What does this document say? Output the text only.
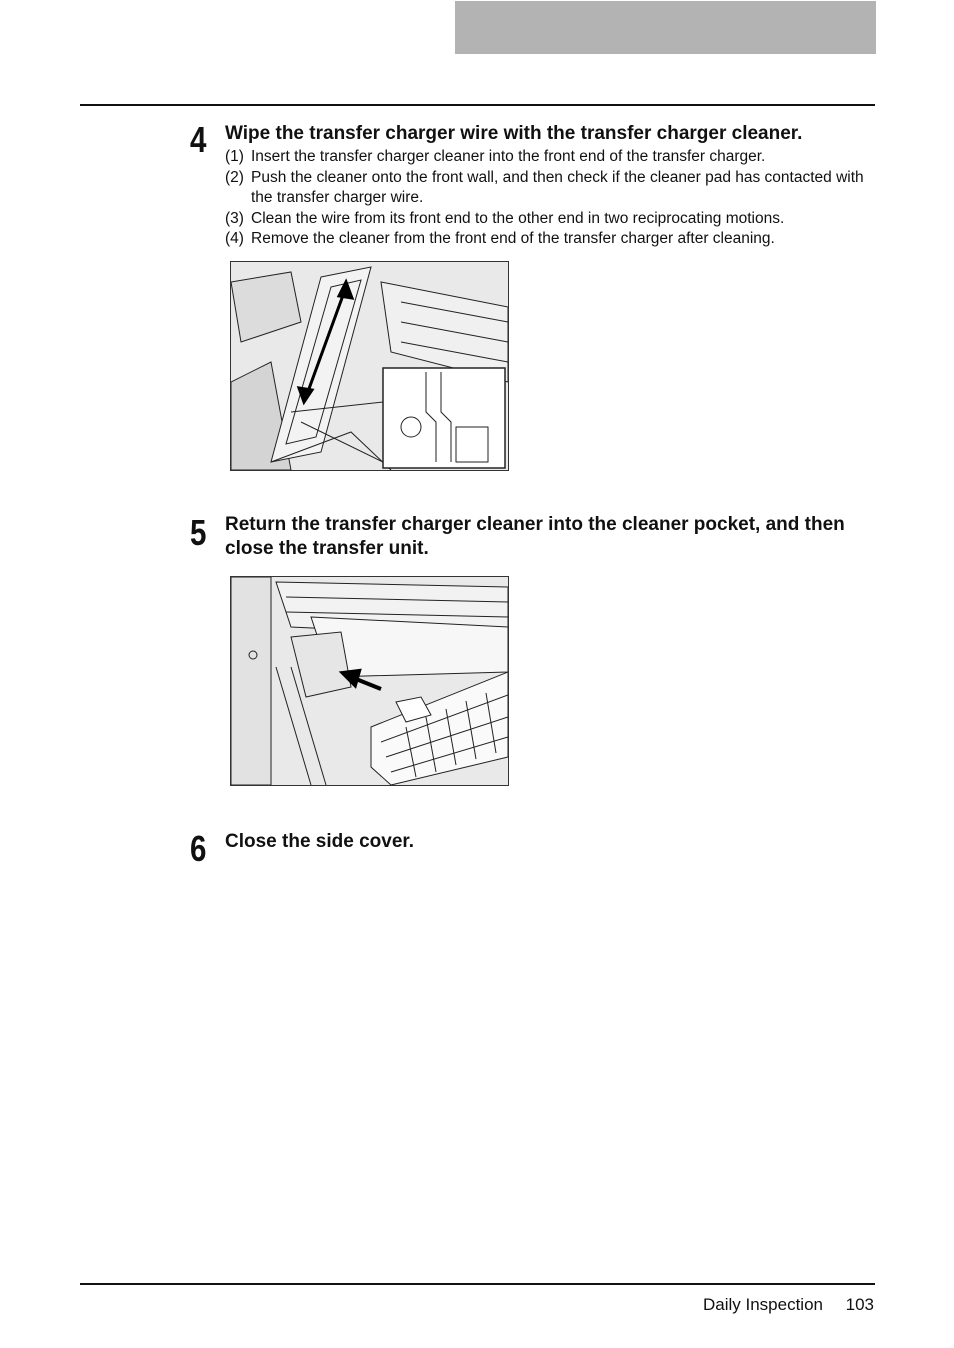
4 Wipe the transfer charger wire with the transfer charger cleaner.

(1) Insert the transfer charger cleaner into the front end of the transfer charger.
(2) Push the cleaner onto the front wall, and then check if the cleaner pad has contacted with the transfer charger wire.
(3) Clean the wire from its front end to the other end in two reciprocating motions.
(4) Remove the cleaner from the front end of the transfer charger after cleaning.
5 Return the transfer charger cleaner into the cleaner pocket, and then close the transfer unit.

6 Close the side cover.

Daily Inspection 103
